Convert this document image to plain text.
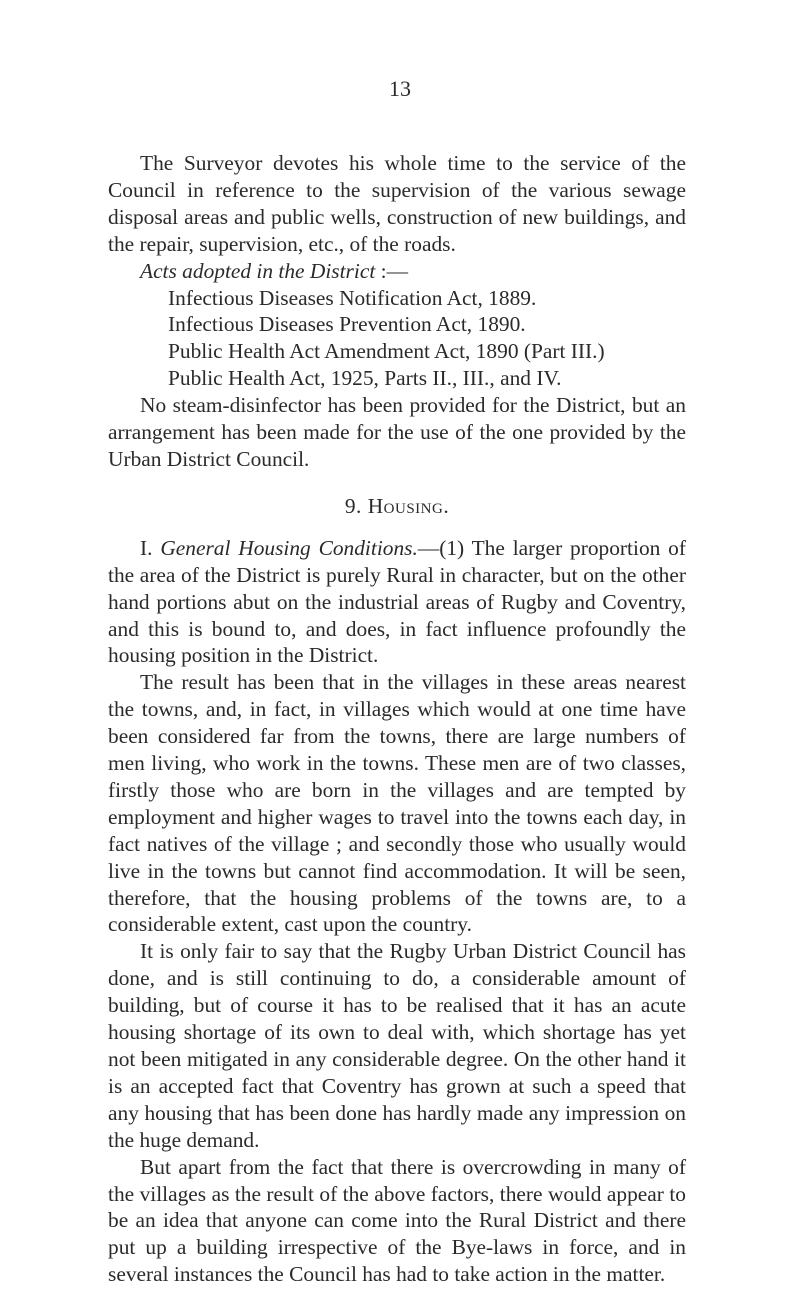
13

The Surveyor devotes his whole time to the service of the Council in reference to the supervision of the various sewage disposal areas and public wells, construction of new buildings, and the repair, supervision, etc., of the roads.

Acts adopted in the District :—

Infectious Diseases Notification Act, 1889.

Infectious Diseases Prevention Act, 1890.

Public Health Act Amendment Act, 1890 (Part III.)

Public Health Act, 1925, Parts II., III., and IV.

No steam-disinfector has been provided for the District, but an arrangement has been made for the use of the one provided by the Urban District Council.

9. Housing.

I. General Housing Conditions.—(1) The larger proportion of the area of the District is purely Rural in character, but on the other hand portions abut on the industrial areas of Rugby and Coventry, and this is bound to, and does, in fact influence profoundly the housing position in the District.

The result has been that in the villages in these areas nearest the towns, and, in fact, in villages which would at one time have been considered far from the towns, there are large numbers of men living, who work in the towns. These men are of two classes, firstly those who are born in the villages and are tempted by employment and higher wages to travel into the towns each day, in fact natives of the village ; and secondly those who usually would live in the towns but cannot find accommodation. It will be seen, therefore, that the housing problems of the towns are, to a considerable extent, cast upon the country.

It is only fair to say that the Rugby Urban District Council has done, and is still continuing to do, a considerable amount of building, but of course it has to be realised that it has an acute housing shortage of its own to deal with, which shortage has yet not been mitigated in any considerable degree. On the other hand it is an accepted fact that Coventry has grown at such a speed that any housing that has been done has hardly made any impression on the huge demand.

But apart from the fact that there is overcrowding in many of the villages as the result of the above factors, there would appear to be an idea that anyone can come into the Rural District and there put up a building irrespective of the Bye-laws in force, and in several instances the Council has had to take action in the matter.
